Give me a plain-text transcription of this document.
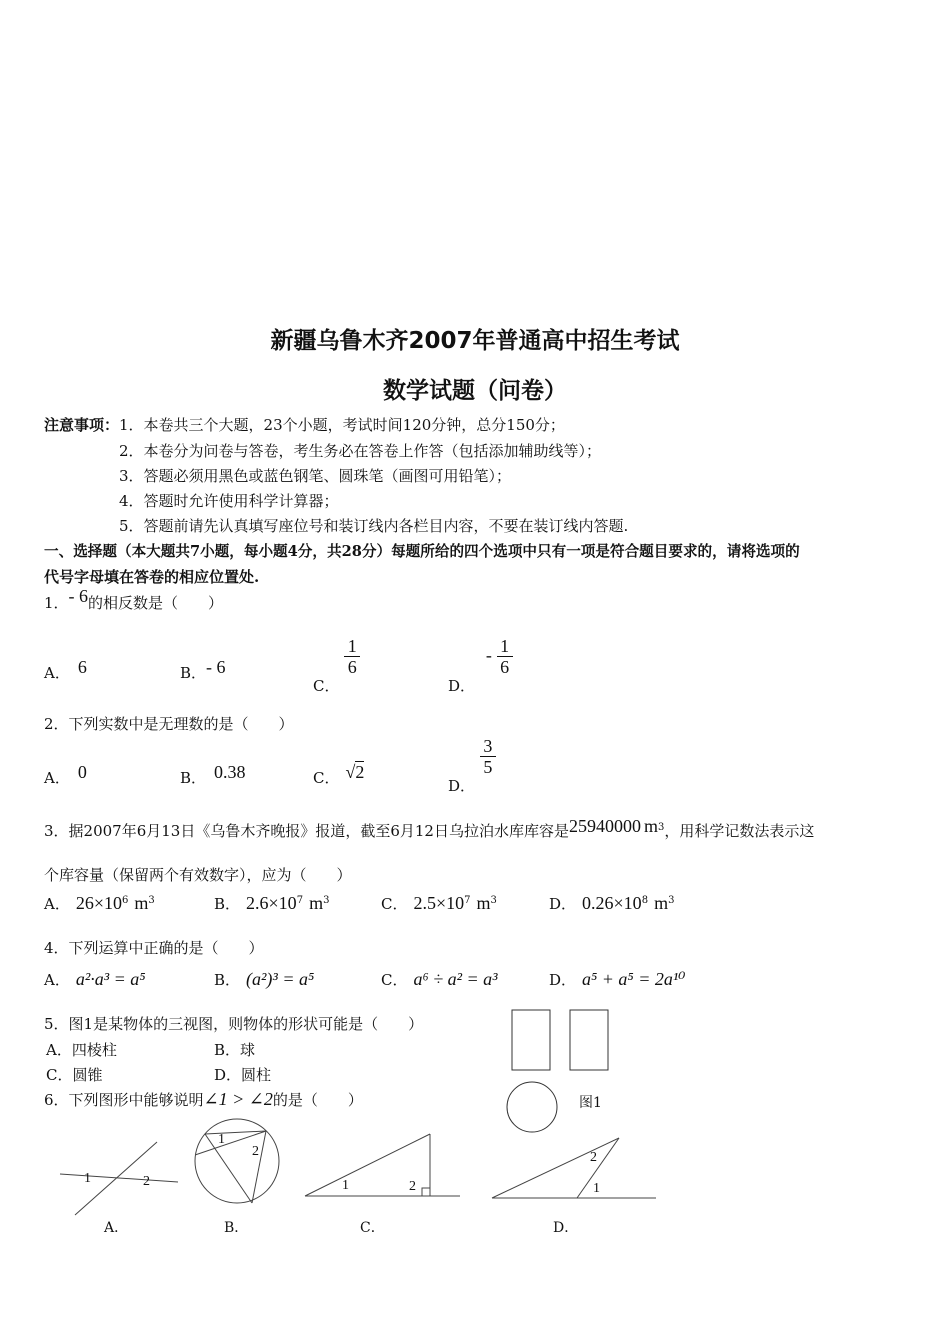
新疆乌鲁木齐2007年普通高中招生考试
数学试题（问卷）
注意事项：1．本卷共三个大题，23个小题，考试时间120分钟，总分150分；
2．本卷分为问卷与答卷，考生务必在答卷上作答（包括添加辅助线等）；
3．答题必须用黑色或蓝色钢笔、圆珠笔（画图可用铅笔）；
4．答题时允许使用科学计算器；
5．答题前请先认真填写座位号和装订线内各栏目内容，不要在装订线内答题.
一、选择题（本大题共7小题，每小题4分，共28分）每题所给的四个选项中只有一项是符合题目要求的，请将选项的
代号字母填在答卷的相应位置处.
1．- 6的相反数是（　　）
A． 6	B．- 6
C．
$\frac{1}{6}$
D． - $\frac{1}{6}$
2．下列实数中是无理数的是（　　）
A． 0	B． 0.38	C． √2
D．
$\frac{3}{5}$
3．据2007年6月13日《乌鲁木齐晚报》报道，截至6月12日乌拉泊水库库容是25940000 $m^3$，用科学记数法表示这
个库容量（保留两个有效数字），应为（　　）
A． $26\times 10^6$ $m^3$	B． $2.6\times 10^7$ $m^3$	C． $2.5\times 10^7$ $m^3$	D． $0.26\times 10^8$ $m^3$
4．下列运算中正确的是（　　）
A． a²·a³ = a⁵	B． (a²)³ = a⁵	C． a⁶ ÷ a² = a³	D． a⁵ + a⁵ = 2a¹⁰
5．图1是某物体的三视图，则物体的形状可能是（　　）
A．四棱柱	B．球
C．圆锥	D．圆柱
图1
6．下列图形中能够说明∠1 > ∠2的是（　　）
1	2
1
2
1	2
2
1
A．	B．	C．	D．
